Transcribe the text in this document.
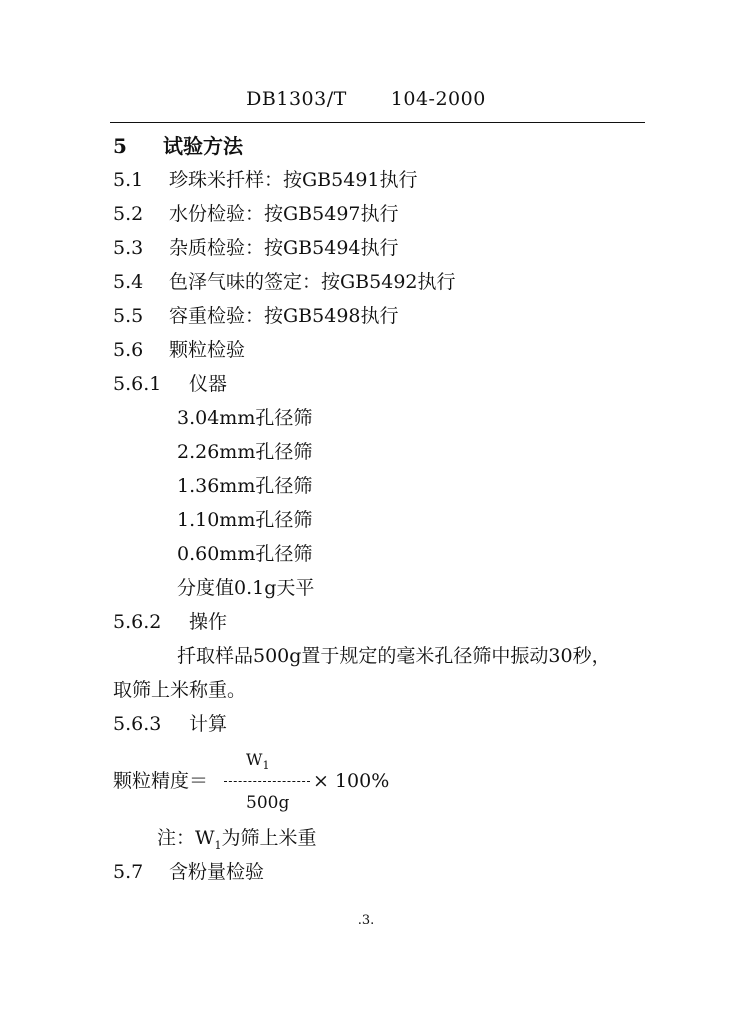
DB1303/T 104-2000
5 试验方法
5.1 珍珠米扦样：按GB5491执行
5.2 水份检验：按GB5497执行
5.3 杂质检验：按GB5494执行
5.4 色泽气味的签定：按GB5492执行
5.5 容重检验：按GB5498执行
5.6 颗粒检验
5.6.1 仪器
3.04mm孔径筛
2.26mm孔径筛
1.36mm孔径筛
1.10mm孔径筛
0.60mm孔径筛
分度值0.1g天平
5.6.2 操作
扦取样品500g置于规定的毫米孔径筛中振动30秒，
取筛上米称重。
5.6.3 计算
$W_1$
颗粒精度＝	× 100%
500g
注：$W_1$为筛上米重
5.7 含粉量检验
.3.
